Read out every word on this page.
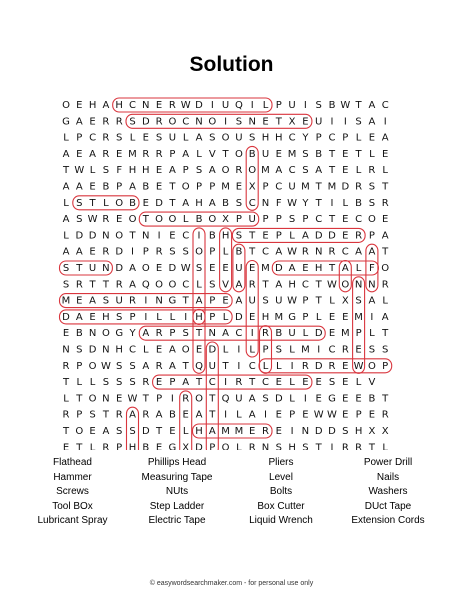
Solution
O E H A H C N E R W D I U Q I L P U I S B W T A C
G A E R R S D R O C N O I S N E T X E U I I S A I
L P C R S L E S U L A S O U S H H C Y P C P L E A
A E A R E M R R P A L V T O B U E M S B T E T L E
T W L S F H H E A P S A O R O M A C S A T E L R L
A A E B P A B E T O P P M E X P C U M T M D R S T
L S T L O B E D T A H A B S C N F W Y T I L B S R
A S W R E O T O O L B O X P U P P S P C T E C O E
L D D N O T N I E C I B H S T E P L A D D E R P A
A A E R D I P R S S O P L B T C A W R N R C A A T
S T U N D A O E D W S E E U E M D A E H T A L F O
S R T T R A Q O O C L S V A R T A H C T W O N N R
M E A S U R I N G T A P E A U S U W P T L X S A L
D A E H S P I L L I H P L D E H M G P L E E M I A
E B N O G Y A R P S T N A C I R B U L D E M P L T
N S D N H C L E A O E D L I L P S L M I C R E S S
R P O W S S A R A T Q U T I C L L I R D R E W O P
T L L S S S R E P A T C I R T C E L E E S E L V
L T O N E W T P I R O T Q U A S D L I E G E E B T
R P S T R A R A B E A T I L A I E P E W W E P E R
T O E A S S D T E L H A M M E R E I N D D S H X X
E T L R P H B E G X D P O L R N S H S T I R R T L
Flathead	Phillips Head	Pliers	Power Drill
Hammer	Measuring Tape	Level	Nails
Screws	NUts	Bolts	Washers
Tool BOx	Step Ladder	Box Cutter	DUct Tape
Lubricant Spray	Electric Tape	Liquid Wrench	Extension Cords
© easywordsearchmaker.com - for personal use only
